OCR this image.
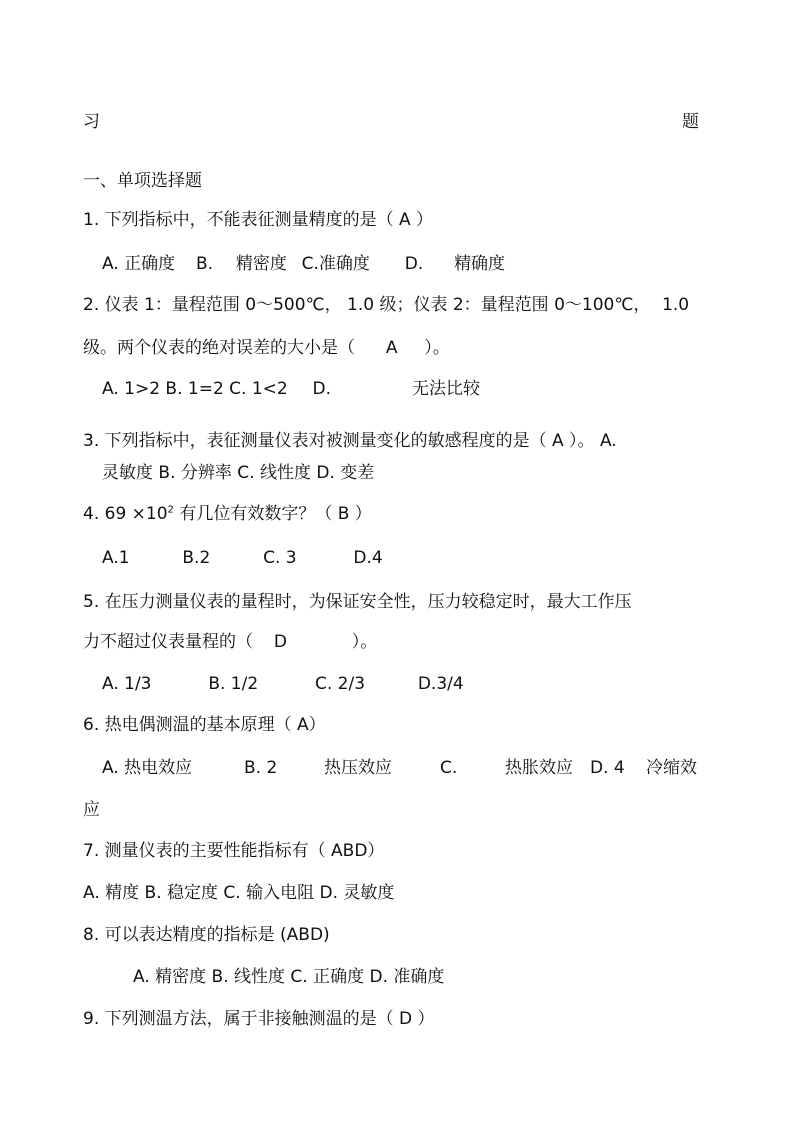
习	题
一、单项选择题
1. 下列指标中，不能表征测量精度的是（ A ）
A. 正确度 B. 精密度 C.准确度 D. 精确度
2. 仪表 1：量程范围 0～500℃， 1.0 级；仪表 2：量程范围 0～100℃， 1.0
级。两个仪表的绝对误差的大小是（ A ）。
A. 1>2 B. 1=2 C. 1<2 D.	无法比较
3. 下列指标中，表征测量仪表对被测量变化的敏感程度的是（ A ）。 A.
灵敏度 B. 分辨率 C. 线性度 D. 变差
4. $69 \times 10^2$ 有几位有效数字？（ B ）
A.1	B.2	C. 3	D.4
5. 在压力测量仪表的量程时，为保证安全性，压力较稳定时，最大工作压
力不超过仪表量程的（ D	）。
A. 1/3	B. 1/2	C. 2/3	D.3/4
6. 热电偶测温的基本原理（ A）
A. 热电效应	B. 2	热压效应	C.	热胀效应 D. 4 冷缩效
应
7. 测量仪表的主要性能指标有（ ABD）
A. 精度 B. 稳定度 C. 输入电阻 D. 灵敏度
8. 可以表达精度的指标是 (ABD)
A. 精密度 B. 线性度 C. 正确度 D. 准确度
9. 下列测温方法，属于非接触测温的是（ D ）
